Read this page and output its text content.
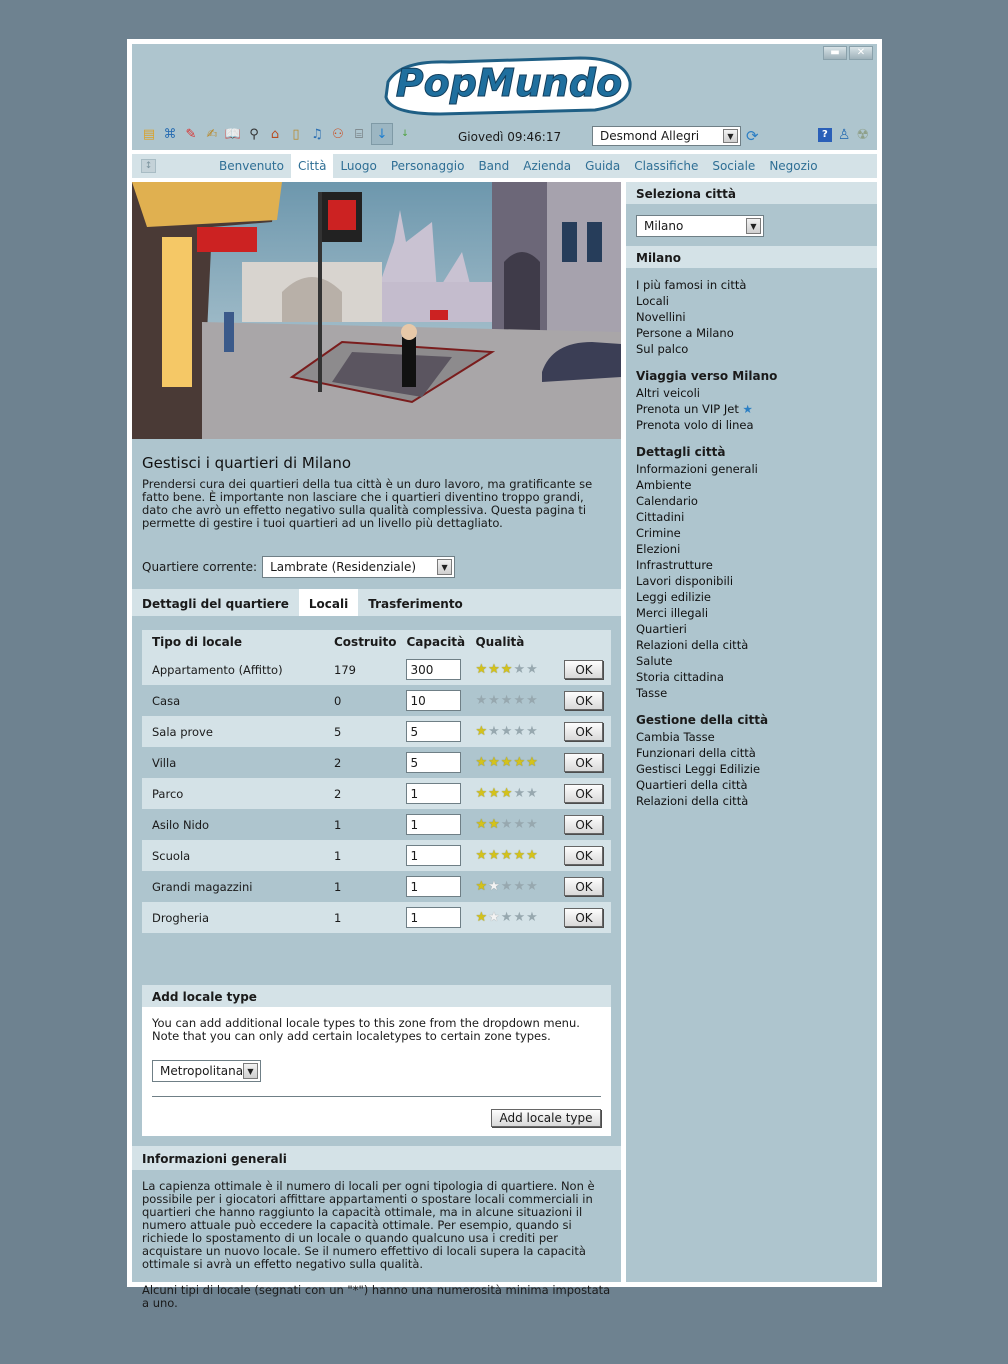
▬	✕
PopMundo
▤ ⌘ ✎ ✍ 📖 ⚲ ⌂	▯ ♫ ⚇ ⌸	↓	↓	Giovedì 09:46:17	Desmond Allegri	▼ ⟳	? ♙ ☢
↕	Benvenuto	Città	Luogo	Personaggio	Band	Azienda	Guida	Classifiche	Sociale	Negozio
Gestisci i quartieri di Milano
Prendersi cura dei quartieri della tua città è un duro lavoro, ma gratificante se fatto bene. È importante non lasciare che i quartieri diventino troppo grandi, dato che avrò un effetto negativo sulla qualità complessiva. Questa pagina ti permette di gestire i tuoi quartieri ad un livello più dettagliato.
Quartiere corrente: Lambrate (Residenziale)	▼
Dettagli del quartiere	Locali	Trasferimento
Tipo di locale	Costruito	Capacità	Qualità	
Appartamento (Affitto)	179	300	★ ★ ★ ★ ★	OK

Casa	0	10	★ ★ ★ ★ ★	OK

Sala prove	5	5	★ ★ ★ ★ ★	OK

Villa	2	5	★ ★ ★ ★ ★	OK

Parco	2	1	★ ★ ★ ★ ★	OK

Asilo Nido	1	1	★ ★ ★ ★ ★	OK

Scuola	1	1	★ ★ ★ ★ ★	OK

Grandi magazzini	1	1	★ ★ ★ ★ ★	OK

Drogheria	1	1	★ ★ ★ ★ ★	OK
Add locale type
You can add additional locale types to this zone from the dropdown menu.
Note that you can only add certain localetypes to certain zone types.
Metropolitana ▼
Add locale type
Informazioni generali

La capienza ottimale è il numero di locali per ogni tipologia di quartiere. Non è possibile per i giocatori affittare appartamenti o spostare locali commerciali in quartieri che hanno raggiunto la capacità ottimale, ma in alcune situazioni il numero attuale può eccedere la capacità ottimale. Per esempio, quando si richiede lo spostamento di un locale o quando qualcuno usa i crediti per acquistare un nuovo locale. Se il numero effettivo di locali supera la capacità ottimale si avrà un effetto negativo sulla qualità.

Alcuni tipi di locale (segnati con un "*") hanno una numerosità minima impostata a uno.

Seleziona città
Milano	▼
Milano
I più famosi in città
Locali
Novellini
Persone a Milano
Sul palco
Viaggia verso Milano
Altri veicoli
Prenota un VIP Jet ★
Prenota volo di linea
Dettagli città
Informazioni generali
Ambiente
Calendario
Cittadini
Crimine
Elezioni
Infrastrutture
Lavori disponibili
Leggi edilizie
Merci illegali
Quartieri
Relazioni della città
Salute
Storia cittadina
Tasse
Gestione della città
Cambia Tasse
Funzionari della città
Gestisci Leggi Edilizie
Quartieri della città
Relazioni della città
